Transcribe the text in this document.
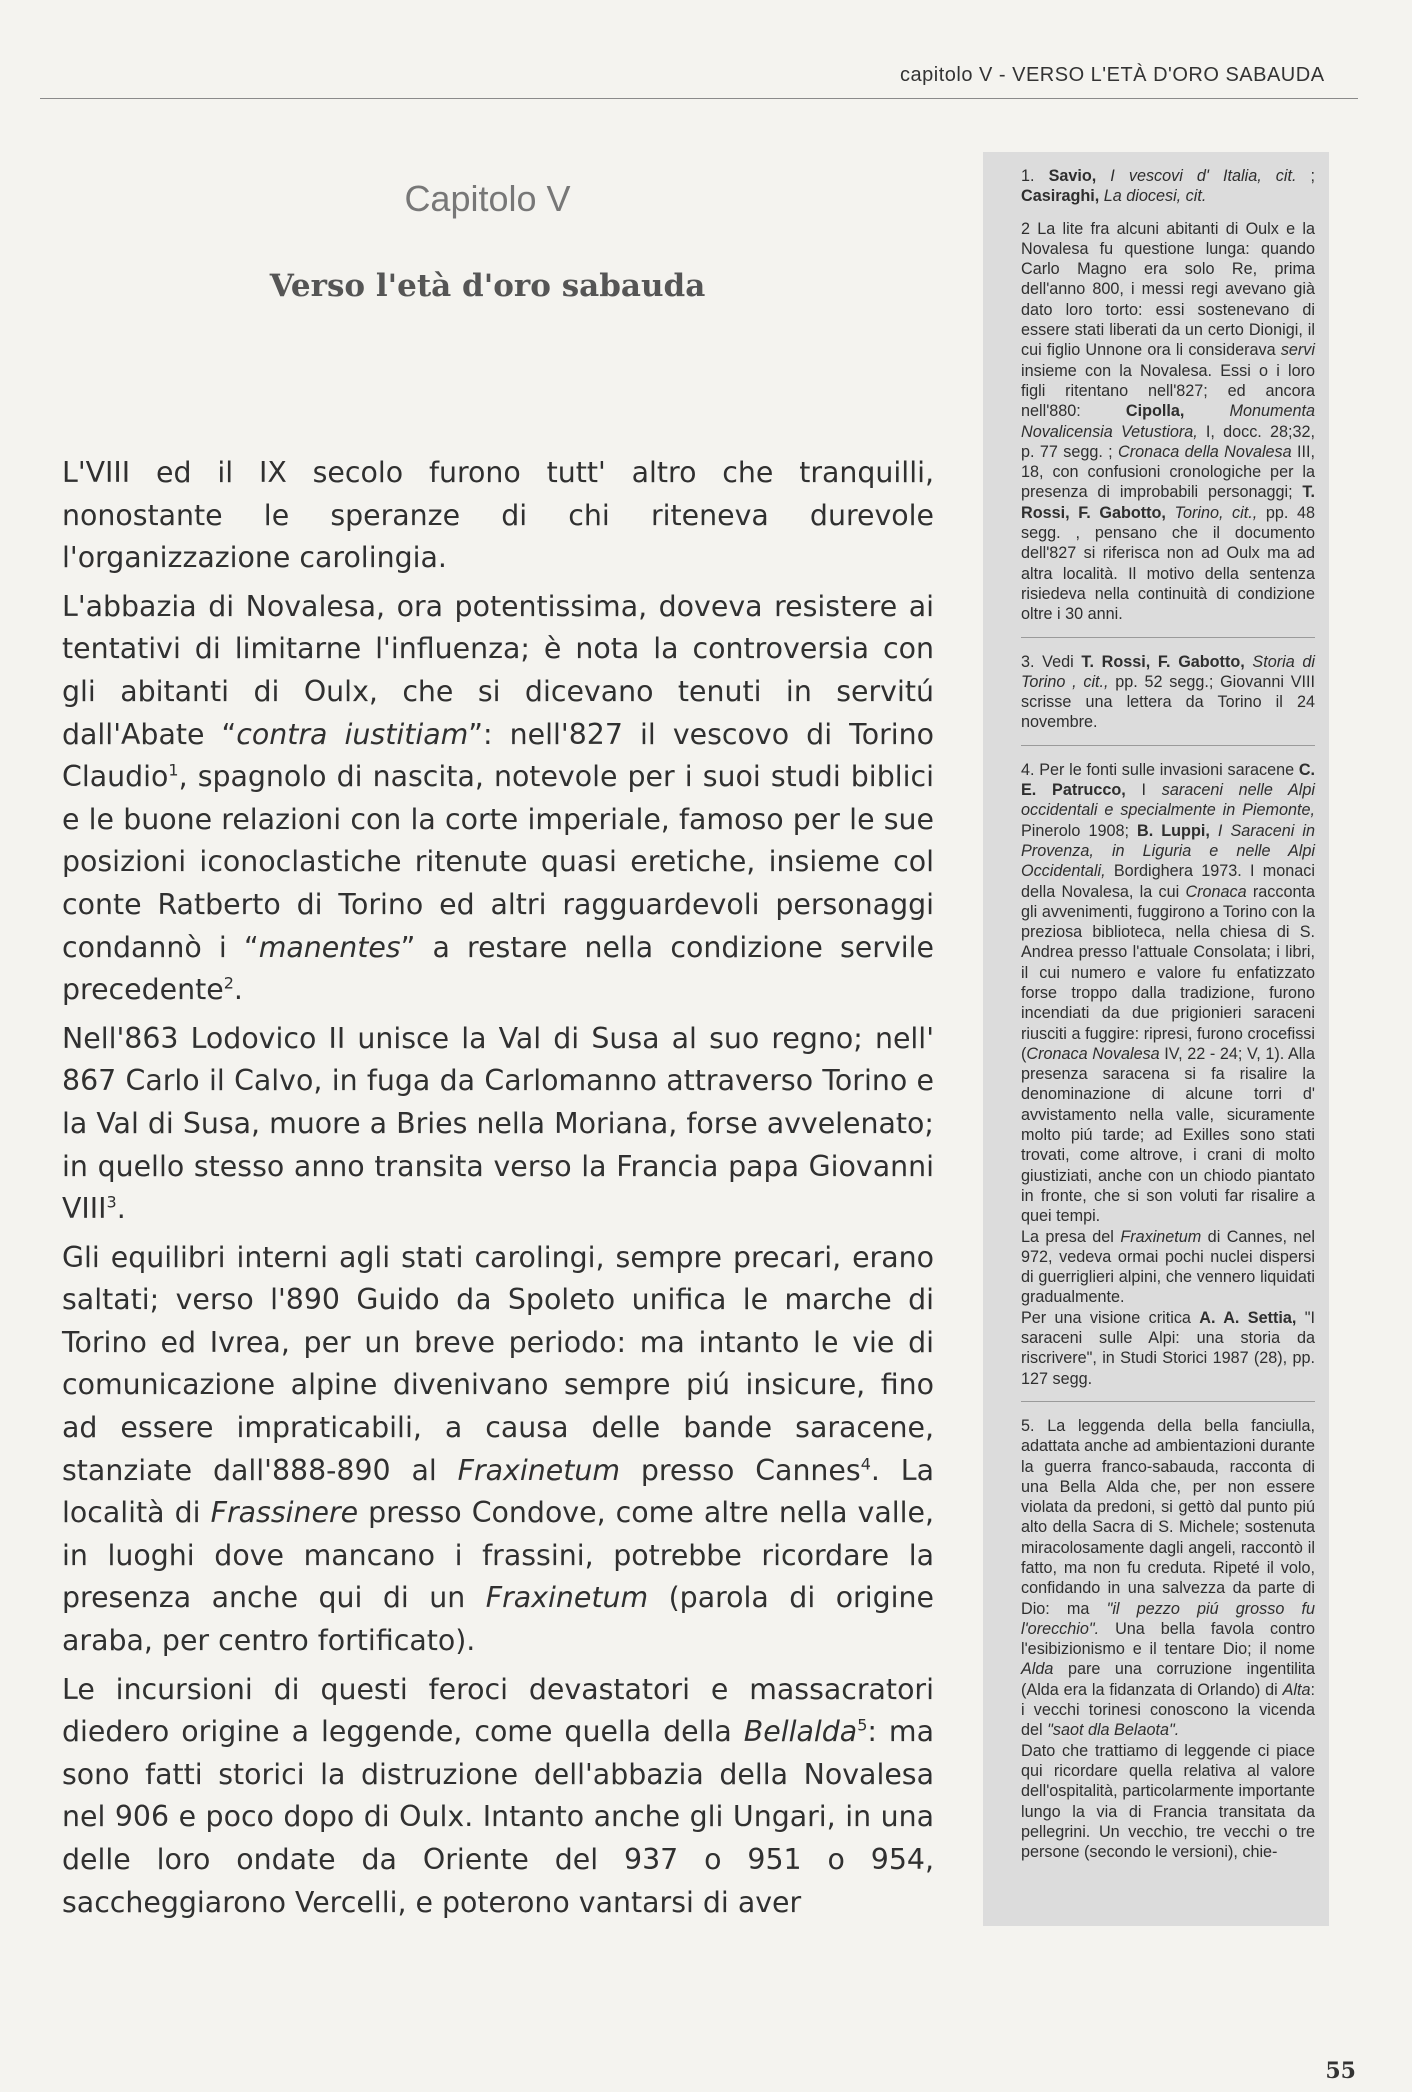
capitolo V - VERSO L'ETÀ D'ORO SABAUDA
Capitolo V
Verso l'età d'oro sabauda

L'VIII ed il IX secolo furono tutt' altro che tranquilli, nonostante le speranze di chi riteneva durevole l'organizzazione carolingia.

L'abbazia di Novalesa, ora potentissima, doveva resistere ai tentativi di limitarne l'influenza; è nota la controversia con gli abitanti di Oulx, che si dicevano tenuti in servitú dall'Abate “contra iustitiam”: nell'827 il vescovo di Torino Claudio$^1$, spagnolo di nascita, notevole per i suoi studi biblici e le buone relazioni con la corte imperiale, famoso per le sue posizioni iconoclastiche ritenute quasi eretiche, insieme col conte Ratberto di Torino ed altri ragguardevoli personaggi condannò i “manentes” a restare nella condizione servile precedente$^2$.

Nell'863 Lodovico II unisce la Val di Susa al suo regno; nell' 867 Carlo il Calvo, in fuga da Carlomanno attraverso Torino e la Val di Susa, muore a Bries nella Moriana, forse avvelenato; in quello stesso anno transita verso la Francia papa Giovanni VIII$^3$.

Gli equilibri interni agli stati carolingi, sempre precari, erano saltati; verso l'890 Guido da Spoleto unifica le marche di Torino ed Ivrea, per un breve periodo: ma intanto le vie di comunicazione alpine divenivano sempre piú insicure, fino ad essere impraticabili, a causa delle bande saracene, stanziate dall'888-890 al Fraxinetum presso Cannes$^4$. La località di Frassinere presso Condove, come altre nella valle, in luoghi dove mancano i frassini, potrebbe ricordare la presenza anche qui di un Fraxinetum (parola di origine araba, per centro fortificato).

Le incursioni di questi feroci devastatori e massacratori diedero origine a leggende, come quella della Bellalda$^5$: ma sono fatti storici la distruzione dell'abbazia della Novalesa nel 906 e poco dopo di Oulx. Intanto anche gli Ungari, in una delle loro ondate da Oriente del 937 o 951 o 954, saccheggiarono Vercelli, e poterono vantarsi di aver

1. Savio, I vescovi d' Italia, cit. ; Casiraghi, La diocesi, cit.

2 La lite fra alcuni abitanti di Oulx e la Novalesa fu questione lunga: quando Carlo Magno era solo Re, prima dell'anno 800, i messi regi avevano già dato loro torto: essi sostenevano di essere stati liberati da un certo Dionigi, il cui figlio Unnone ora li considerava servi insieme con la Novalesa. Essi o i loro figli ritentano nell'827; ed ancora nell'880: Cipolla, Monumenta Novalicensia Vetustiora, I, docc. 28;32, p. 77 segg. ; Cronaca della Novalesa III, 18, con confusioni cronologiche per la presenza di improbabili personaggi; T. Rossi, F. Gabotto, Torino, cit., pp. 48 segg. , pensano che il documento dell'827 si riferisca non ad Oulx ma ad altra località. Il motivo della sentenza risiedeva nella continuità di condizione oltre i 30 anni.

3. Vedi T. Rossi, F. Gabotto, Storia di Torino , cit., pp. 52 segg.; Giovanni VIII scrisse una lettera da Torino il 24 novembre.

4. Per le fonti sulle invasioni saracene C. E. Patrucco, I saraceni nelle Alpi occidentali e specialmente in Piemonte, Pinerolo 1908; B. Luppi, I Saraceni in Provenza, in Liguria e nelle Alpi Occidentali, Bordighera 1973. I monaci della Novalesa, la cui Cronaca racconta gli avvenimenti, fuggirono a Torino con la preziosa biblioteca, nella chiesa di S. Andrea presso l'attuale Consolata; i libri, il cui numero e valore fu enfatizzato forse troppo dalla tradizione, furono incendiati da due prigionieri saraceni riusciti a fuggire: ripresi, furono crocefissi (Cronaca Novalesa IV, 22 - 24; V, 1). Alla presenza saracena si fa risalire la denominazione di alcune torri d' avvistamento nella valle, sicuramente molto piú tarde; ad Exilles sono stati trovati, come altrove, i crani di molto giustiziati, anche con un chiodo piantato in fronte, che si son voluti far risalire a quei tempi.
La presa del Fraxinetum di Cannes, nel 972, vedeva ormai pochi nuclei dispersi di guerriglieri alpini, che vennero liquidati gradualmente.
Per una visione critica A. A. Settia, "I saraceni sulle Alpi: una storia da riscrivere", in Studi Storici 1987 (28), pp. 127 segg.

5. La leggenda della bella fanciulla, adattata anche ad ambientazioni durante la guerra franco-sabauda, racconta di una Bella Alda che, per non essere violata da predoni, si gettò dal punto piú alto della Sacra di S. Michele; sostenuta miracolosamente dagli angeli, raccontò il fatto, ma non fu creduta. Ripeté il volo, confidando in una salvezza da parte di Dio: ma "il pezzo piú grosso fu l'orecchio". Una bella favola contro l'esibizionismo e il tentare Dio; il nome Alda pare una corruzione ingentilita (Alda era la fidanzata di Orlando) di Alta: i vecchi torinesi conoscono la vicenda del "saot dla Belaota".
Dato che trattiamo di leggende ci piace qui ricordare quella relativa al valore dell'ospitalità, particolarmente importante lungo la via di Francia transitata da pellegrini. Un vecchio, tre vecchi o tre persone (secondo le versioni), chie-

55
